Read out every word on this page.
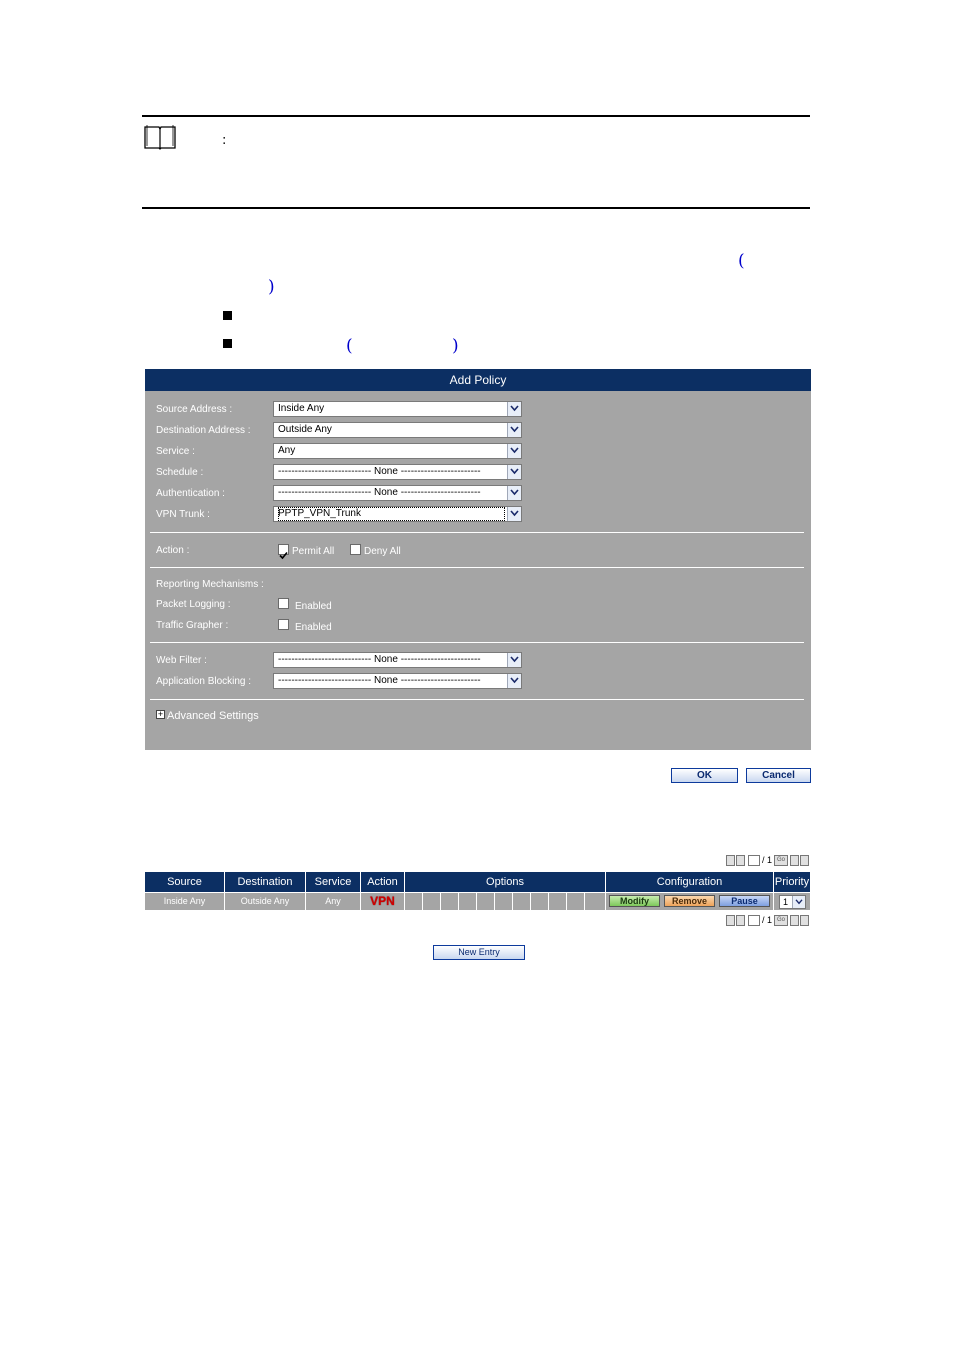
:
(
)
(	)
Add Policy
Source Address :	Inside Any
Destination Address :	Outside Any
Service :	Any
Schedule :	---------------------------- None ------------------------
Authentication :	---------------------------- None ------------------------
VPN Trunk :	PPTP_VPN_Trunk
Action :	Permit All	Deny All
Reporting Mechanisms :
Packet Logging :	Enabled
Traffic Grapher :	Enabled
Web Filter :	---------------------------- None ------------------------
Application Blocking :	---------------------------- None ------------------------
+ Advanced Settings
OK	Cancel
/ 1 Go
Source	Destination	Service	Action	Options	Configuration	Priority
Inside Any	Outside Any	Any	VPN	Modify	Remove	Pause	1
/ 1 Go
New Entry
